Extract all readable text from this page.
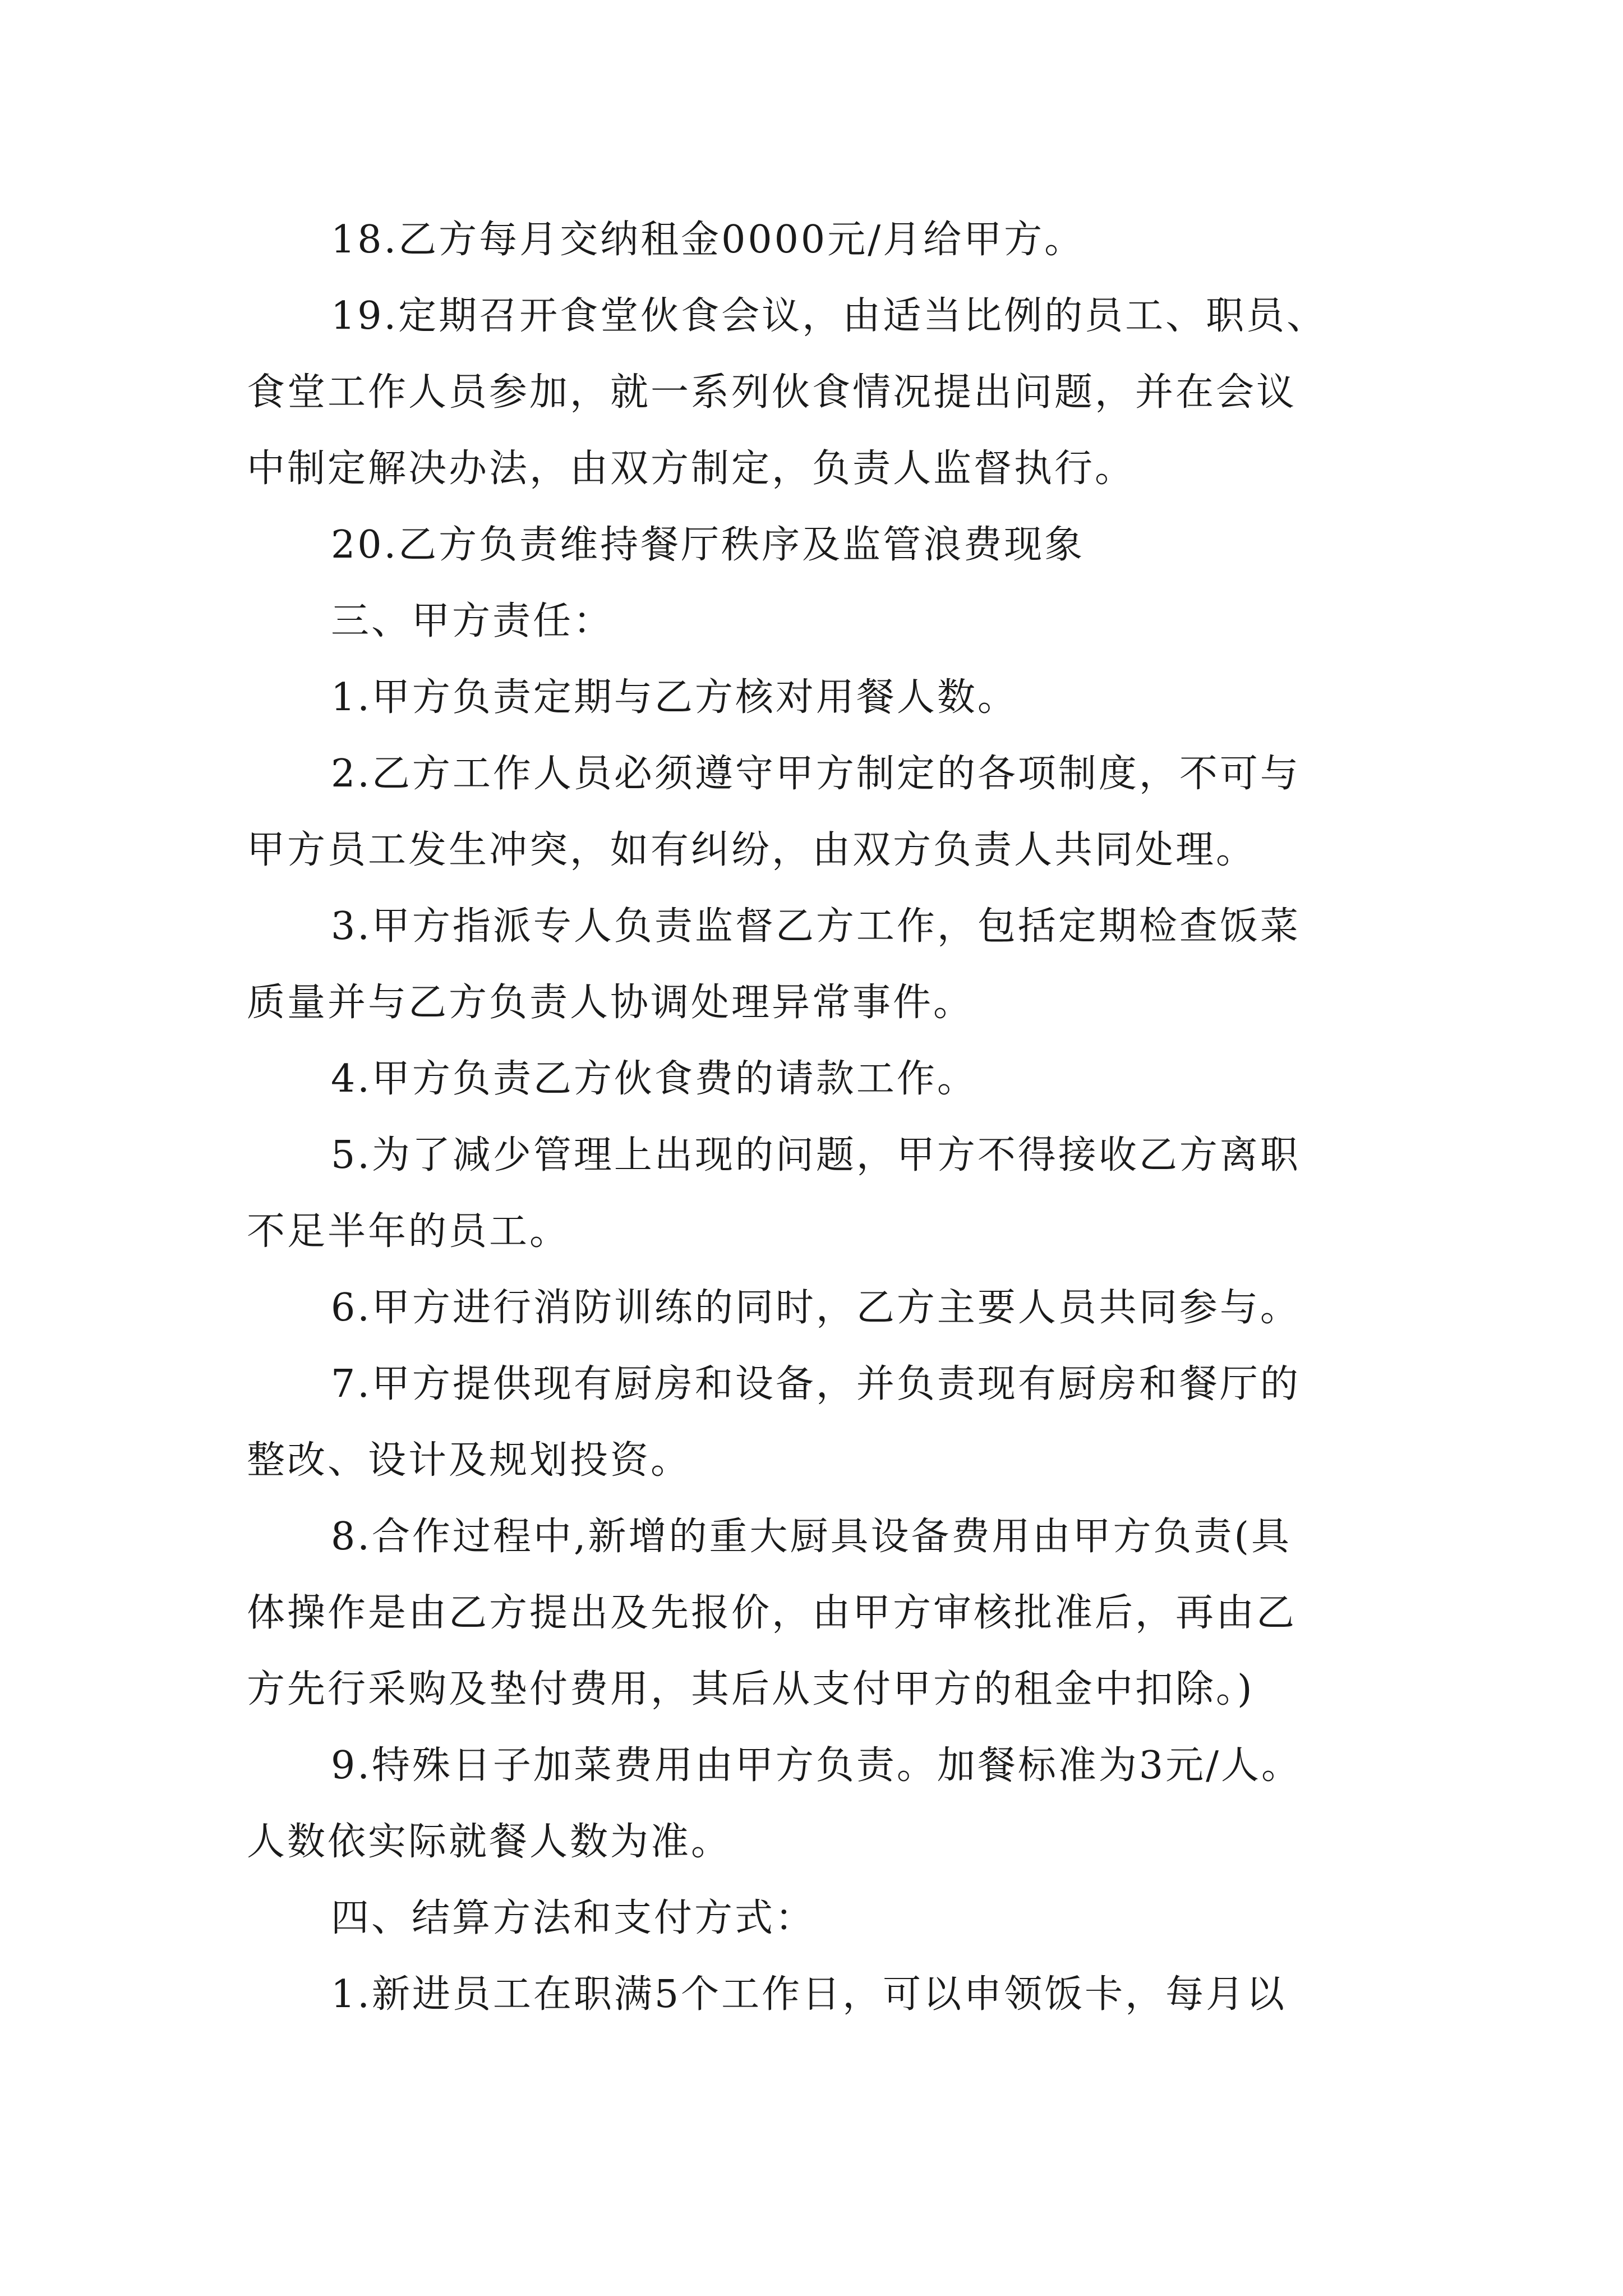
18.乙方每月交纳租金0000元/月给甲方。
19.定期召开食堂伙食会议，由适当比例的员工、职员、
食堂工作人员参加，就一系列伙食情况提出问题，并在会议
中制定解决办法，由双方制定，负责人监督执行。
20.乙方负责维持餐厅秩序及监管浪费现象
三、甲方责任：
1.甲方负责定期与乙方核对用餐人数。
2.乙方工作人员必须遵守甲方制定的各项制度，不可与
甲方员工发生冲突，如有纠纷，由双方负责人共同处理。
3.甲方指派专人负责监督乙方工作，包括定期检查饭菜
质量并与乙方负责人协调处理异常事件。
4.甲方负责乙方伙食费的请款工作。
5.为了减少管理上出现的问题，甲方不得接收乙方离职
不足半年的员工。
6.甲方进行消防训练的同时，乙方主要人员共同参与。
7.甲方提供现有厨房和设备，并负责现有厨房和餐厅的
整改、设计及规划投资。
8.合作过程中,新增的重大厨具设备费用由甲方负责(具
体操作是由乙方提出及先报价，由甲方审核批准后，再由乙
方先行采购及垫付费用，其后从支付甲方的租金中扣除。)
9.特殊日子加菜费用由甲方负责。加餐标准为3元/人。
人数依实际就餐人数为准。
四、结算方法和支付方式：
1.新进员工在职满5个工作日，可以申领饭卡，每月以
